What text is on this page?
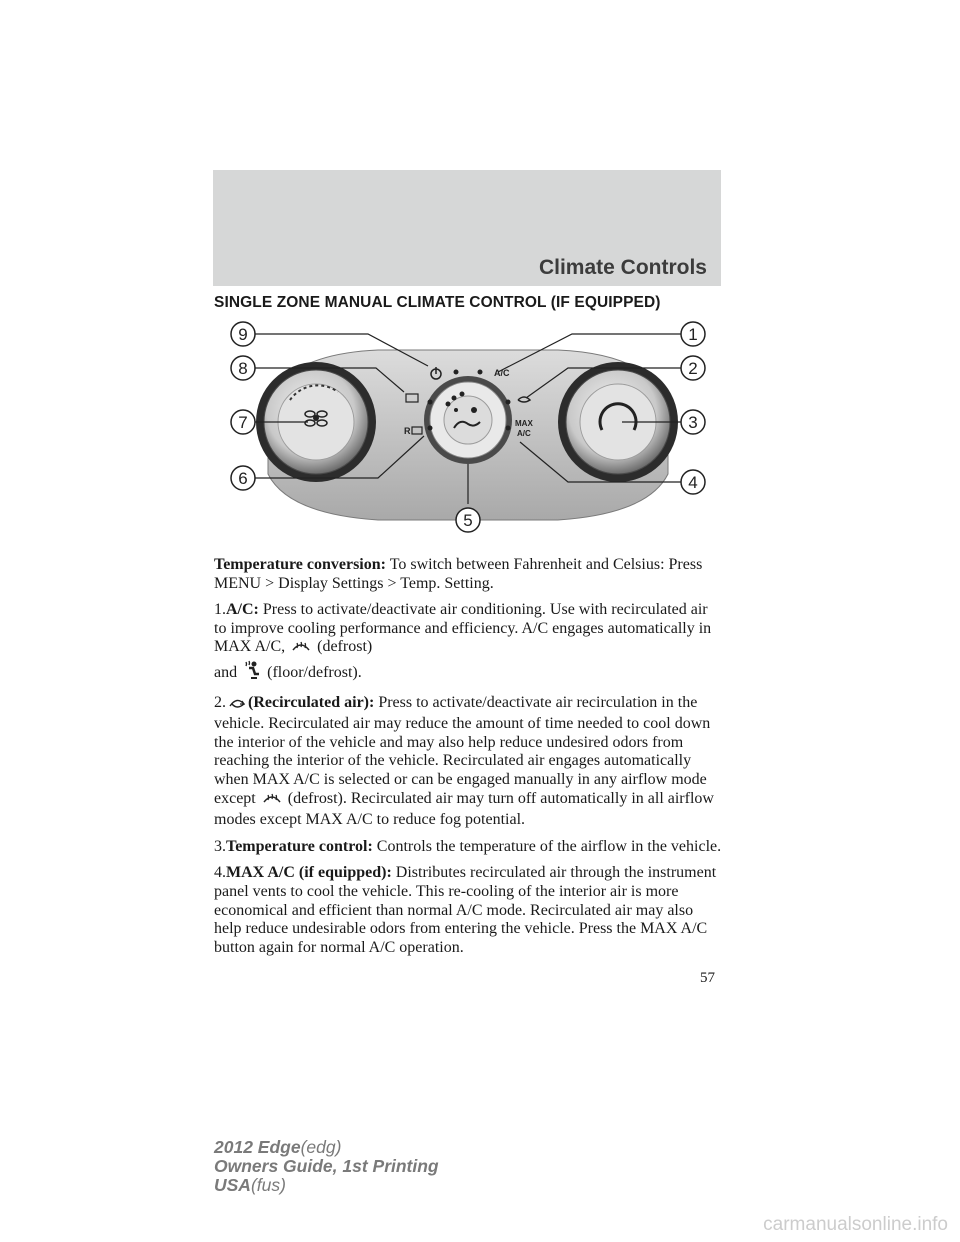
Climate Controls
SINGLE ZONE MANUAL CLIMATE CONTROL (IF EQUIPPED)
A/C
R
MAX
A/C
9
8
7
6
5
1
2
3
4

Temperature conversion: To switch between Fahrenheit and Celsius: Press MENU > Display Settings > Temp. Setting.

1.A/C: Press to activate/deactivate air conditioning. Use with recirculated air to improve cooling performance and efficiency. A/C engages automatically in MAX A/C, (defrost)
and (floor/defrost).

2. (Recirculated air): Press to activate/deactivate air recirculation in the vehicle. Recirculated air may reduce the amount of time needed to cool down the interior of the vehicle and may also help reduce undesired odors from reaching the interior of the vehicle. Recirculated air engages automatically when MAX A/C is selected or can be engaged manually in any airflow mode except (defrost). Recirculated air may turn off automatically in all airflow modes except MAX A/C to reduce fog potential.

3.Temperature control: Controls the temperature of the airflow in the vehicle.

4.MAX A/C (if equipped): Distributes recirculated air through the instrument panel vents to cool the vehicle. This re-cooling of the interior air is more economical and efficient than normal A/C mode. Recirculated air may also help reduce undesirable odors from entering the vehicle. Press the MAX A/C button again for normal A/C operation.

57
2012 Edge(edg)
Owners Guide, 1st Printing
USA(fus)
carmanualsonline.info
